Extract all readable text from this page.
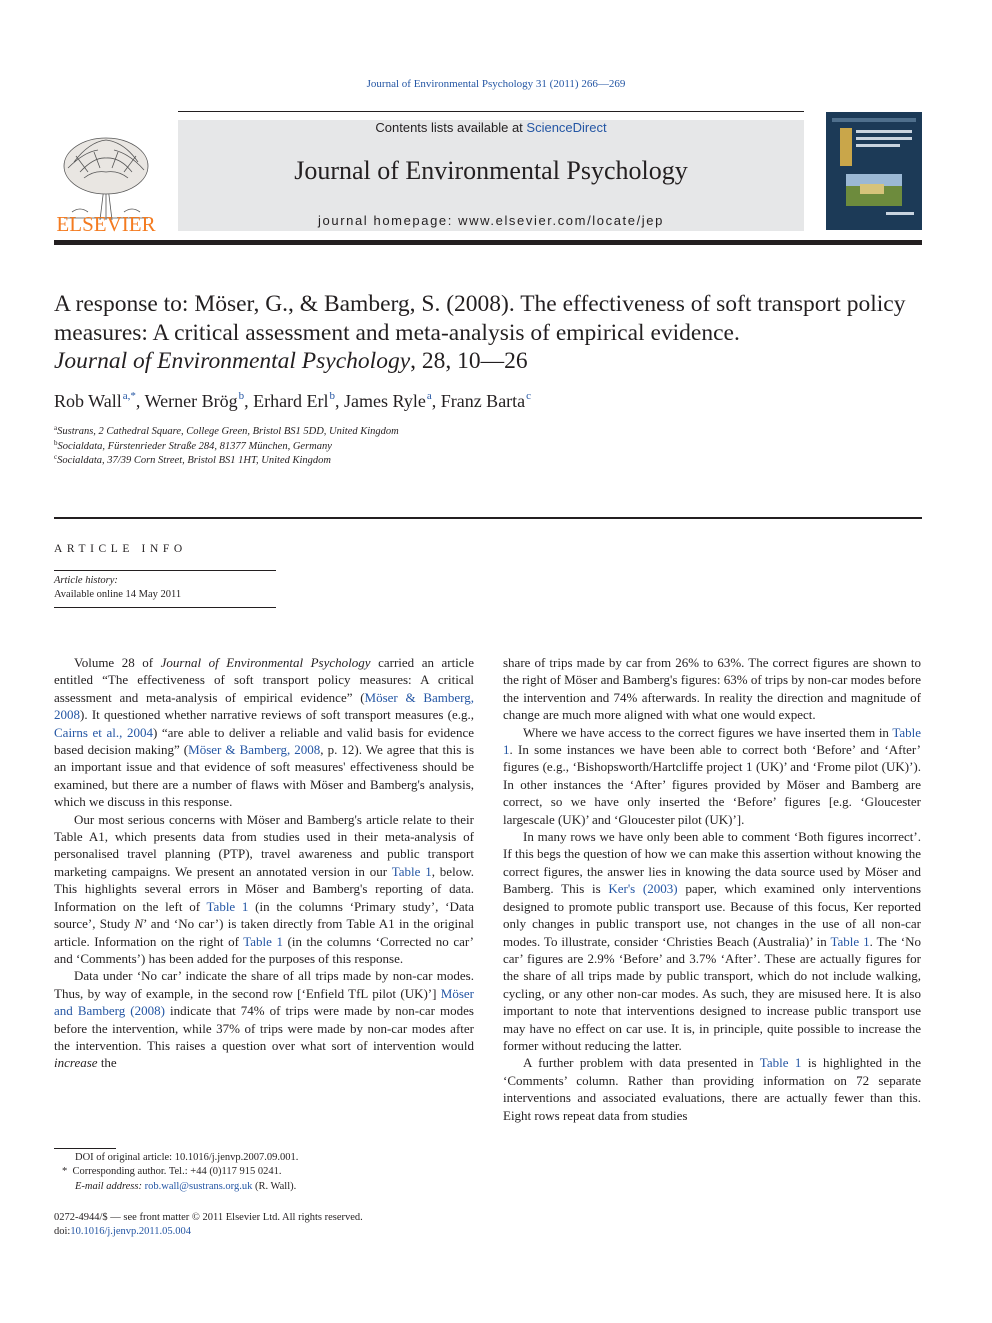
Journal of Environmental Psychology 31 (2011) 266—269
ELSEVIER
Contents lists available at ScienceDirect
Journal of Environmental Psychology
journal homepage: www.elsevier.com/locate/jep
A response to: Möser, G., & Bamberg, S. (2008). The effectiveness of soft transport policy measures: A critical assessment and meta-analysis of empirical evidence.
Journal of Environmental Psychology, 28, 10—26
Rob Wall$^{a,*}$, Werner Brög$^b$, Erhard Erl$^b$, James Ryle$^a$, Franz Barta$^c$
$^a$Sustrans, 2 Cathedral Square, College Green, Bristol BS1 5DD, United Kingdom
$^b$Socialdata, Fürstenrieder Straße 284, 81377 München, Germany
$^c$Socialdata, 37/39 Corn Street, Bristol BS1 1HT, United Kingdom
ARTICLE INFO
Article history:
Available online 14 May 2011

Volume 28 of Journal of Environmental Psychology carried an article entitled “The effectiveness of soft transport policy measures: A critical assessment and meta-analysis of empirical evidence” (Möser & Bamberg, 2008). It questioned whether narrative reviews of soft transport measures (e.g., Cairns et al., 2004) “are able to deliver a reliable and valid basis for evidence based decision making” (Möser & Bamberg, 2008, p. 12). We agree that this is an important issue and that evidence of soft measures' effectiveness should be examined, but there are a number of flaws with Möser and Bamberg's analysis, which we discuss in this response.

Our most serious concerns with Möser and Bamberg's article relate to their Table A1, which presents data from studies used in their meta-analysis of personalised travel planning (PTP), travel awareness and public transport marketing campaigns. We present an annotated version in our Table 1, below. This highlights several errors in Möser and Bamberg's reporting of data. Information on the left of Table 1 (in the columns ‘Primary study’, ‘Data source’, Study N’ and ‘No car’) is taken directly from Table A1 in the original article. Information on the right of Table 1 (in the columns ‘Corrected no car’ and ‘Comments’) has been added for the purposes of this response.

Data under ‘No car’ indicate the share of all trips made by non-car modes. Thus, by way of example, in the second row [‘Enfield TfL pilot (UK)’] Möser and Bamberg (2008) indicate that 74% of trips were made by non-car modes before the intervention, while 37% of trips were made by non-car modes after the intervention. This raises a question over what sort of intervention would increase the

share of trips made by car from 26% to 63%. The correct figures are shown to the right of Möser and Bamberg's figures: 63% of trips by non-car modes before the intervention and 74% afterwards. In reality the direction and magnitude of change are much more aligned with what one would expect.

Where we have access to the correct figures we have inserted them in Table 1. In some instances we have been able to correct both ‘Before’ and ‘After’ figures (e.g., ‘Bishopsworth/Hartcliffe project 1 (UK)’ and ‘Frome pilot (UK)’). In other instances the ‘After’ figures provided by Möser and Bamberg are correct, so we have only inserted the ‘Before’ figures [e.g. ‘Gloucester largescale (UK)’ and ‘Gloucester pilot (UK)’].

In many rows we have only been able to comment ‘Both figures incorrect’. If this begs the question of how we can make this assertion without knowing the correct figures, the answer lies in knowing the data source used by Möser and Bamberg. This is Ker's (2003) paper, which examined only interventions designed to promote public transport use. Because of this focus, Ker reported only changes in public transport use, not changes in the use of all non-car modes. To illustrate, consider ‘Christies Beach (Australia)’ in Table 1. The ‘No car’ figures are 2.9% ‘Before’ and 3.7% ‘After’. These are actually figures for the share of all trips made by public transport, which do not include walking, cycling, or any other non-car modes. As such, they are misused here. It is also important to note that interventions designed to increase public transport use may have no effect on car use. It is, in principle, quite possible to increase the former without reducing the latter.

A further problem with data presented in Table 1 is highlighted in the ‘Comments’ column. Rather than providing information on 72 separate interventions and associated evaluations, there are actually fewer than this. Eight rows repeat data from studies

DOI of original article: 10.1016/j.jenvp.2007.09.001.
* Corresponding author. Tel.: +44 (0)117 915 0241.
E-mail address: rob.wall@sustrans.org.uk (R. Wall).
0272-4944/$ — see front matter © 2011 Elsevier Ltd. All rights reserved.
doi:10.1016/j.jenvp.2011.05.004
